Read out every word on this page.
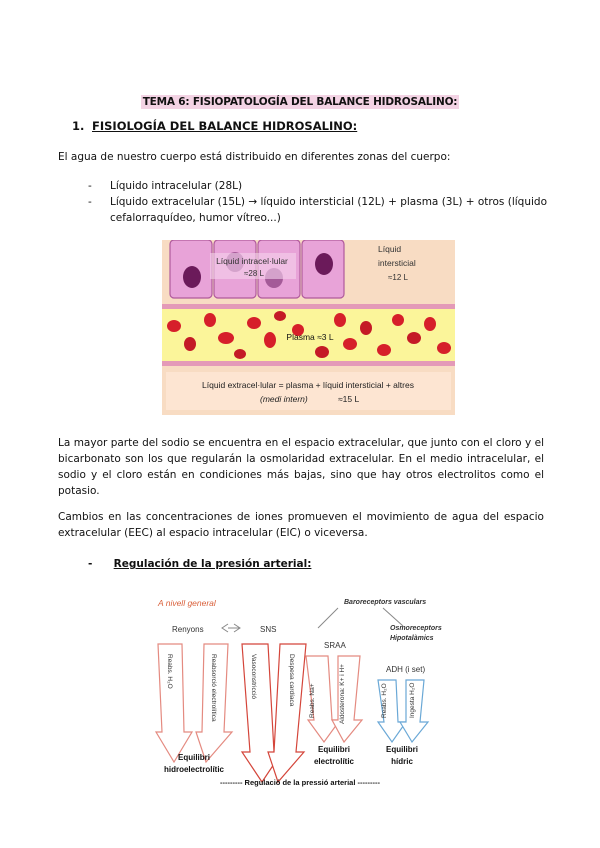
TEMA 6: FISIOPATOLOGÍA DEL BALANCE HIDROSALINO:
1. FISIOLOGÍA DEL BALANCE HIDROSALINO:
El agua de nuestro cuerpo está distribuido en diferentes zonas del cuerpo:
- Líquido intracelular (28L)
- Líquido extracelular (15L) → líquido intersticial (12L) + plasma (3L) + otros (líquido cefalorraquídeo, humor vítreo...)
Líquid intracel·lular
≈28 L
Líquid
intersticial
≈12 L
Plasma ≈3 L
Líquid extracel·lular = plasma + líquid intersticial + altres
(medi intern)	≈15 L
La mayor parte del sodio se encuentra en el espacio extracelular, que junto con el cloro y el bicarbonato son los que regularán la osmolaridad extracelular. En el medio intracelular, el sodio y el cloro están en condiciones más bajas, sino que hay otros electrolitos como el potasio.
Cambios en las concentraciones de iones promueven el movimiento de agua del espacio extracelular (EEC) al espacio intracelular (EIC) o viceversa.
- Regulación de la presión arterial:
A nivell general	Baroreceptors vasculars
Osmoreceptors
Hipotalàmics
Renyons	SNS
SRAA
ADH (i set)
Reabs. H₂O	Reabsorció electrolítica	Vasoconstricció	Despesa cardíaca Reabs. Na+	Aldosterona: K+ i H+	Reabs. H₂O	Ingesta H₂O
Equilibri
hidroelectrolític
Equilibri
electrolític
Equilibri
hídric
--------- Regulació de la pressió arterial ---------
